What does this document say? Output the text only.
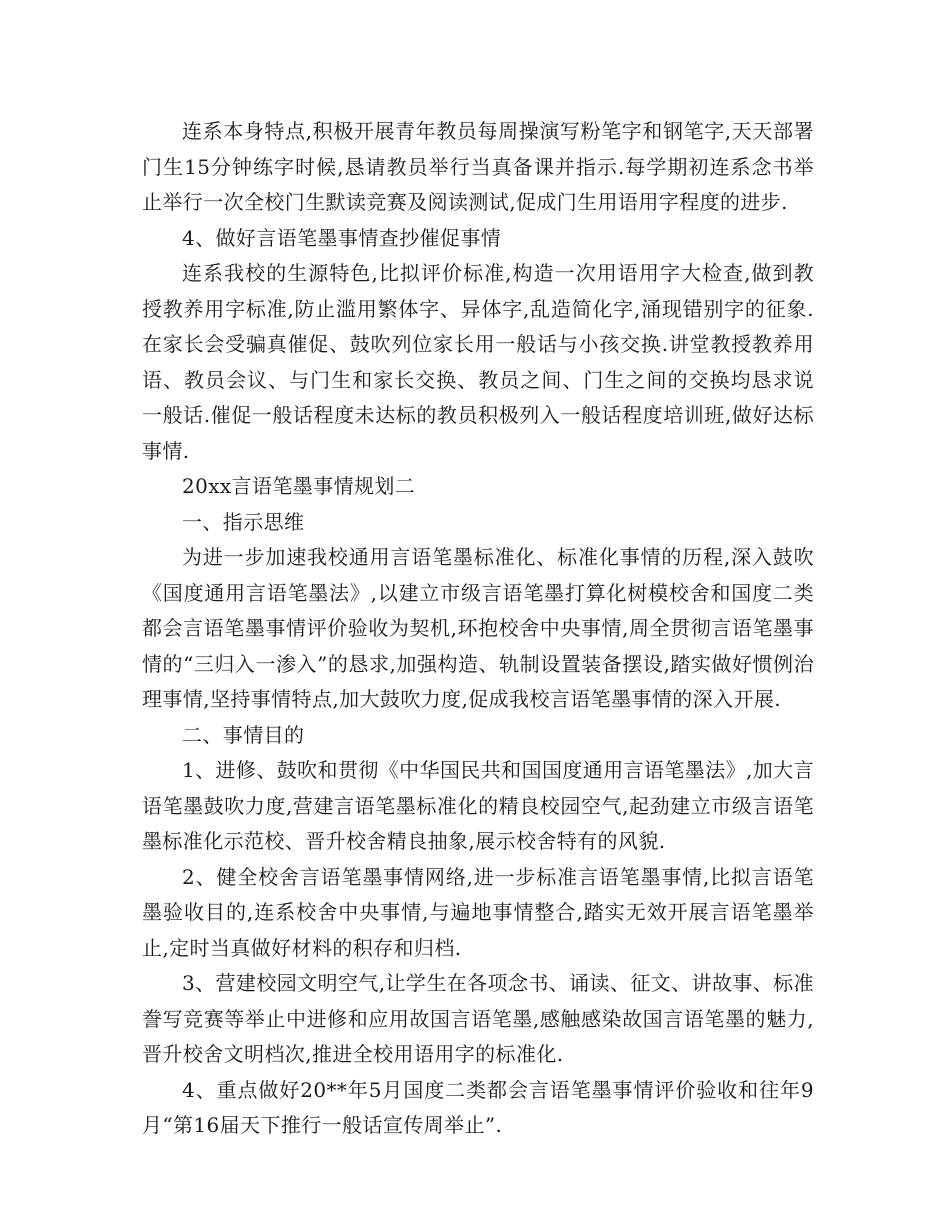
连系本身特点,积极开展青年教员每周操演写粉笔字和钢笔字,天天部署门生15分钟练字时候,恳请教员举行当真备课并指示.每学期初连系念书举止举行一次全校门生默读竞赛及阅读测试,促成门生用语用字程度的进步.

4、做好言语笔墨事情查抄催促事情

连系我校的生源特色,比拟评价标准,构造一次用语用字大检查,做到教授教养用字标准,防止滥用繁体字、异体字,乱造简化字,涌现错别字的征象.在家长会受骗真催促、鼓吹列位家长用一般话与小孩交换.讲堂教授教养用语、教员会议、与门生和家长交换、教员之间、门生之间的交换均恳求说一般话.催促一般话程度未达标的教员积极列入一般话程度培训班,做好达标事情.

20xx言语笔墨事情规划二

一、指示思维

为进一步加速我校通用言语笔墨标准化、标准化事情的历程,深入鼓吹《国度通用言语笔墨法》,以建立市级言语笔墨打算化树模校舍和国度二类都会言语笔墨事情评价验收为契机,环抱校舍中央事情,周全贯彻言语笔墨事情的“三归入一渗入”的恳求,加强构造、轨制设置装备摆设,踏实做好惯例治理事情,坚持事情特点,加大鼓吹力度,促成我校言语笔墨事情的深入开展.

二、事情目的

1、进修、鼓吹和贯彻《中华国民共和国国度通用言语笔墨法》,加大言语笔墨鼓吹力度,营建言语笔墨标准化的精良校园空气,起劲建立市级言语笔墨标准化示范校、晋升校舍精良抽象,展示校舍特有的风貌.

2、健全校舍言语笔墨事情网络,进一步标准言语笔墨事情,比拟言语笔墨验收目的,连系校舍中央事情,与遍地事情整合,踏实无效开展言语笔墨举止,定时当真做好材料的积存和归档.

3、营建校园文明空气,让学生在各项念书、诵读、征文、讲故事、标准誊写竞赛等举止中进修和应用故国言语笔墨,感触感染故国言语笔墨的魅力,晋升校舍文明档次,推进全校用语用字的标准化.

4、重点做好20**年5月国度二类都会言语笔墨事情评价验收和往年9月“第16届天下推行一般话宣传周举止”.
